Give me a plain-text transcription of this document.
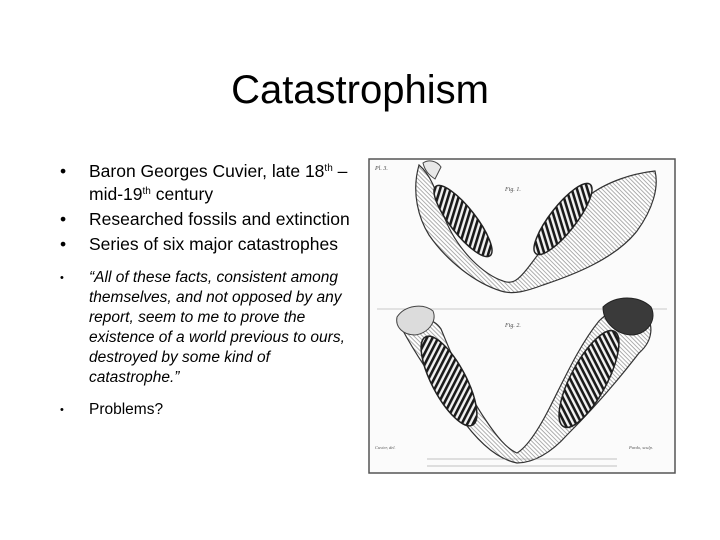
Catastrophism
• Baron Georges Cuvier, late 18th – mid-19th century
• Researched fossils and extinction
• Series of six major catastrophes
• “All of these facts, consistent among themselves, and not opposed by any report, seem to me to prove the existence of a world previous to ours, destroyed by some kind of catastrophe.”
• Problems?
Pl. 3.
Fig. 1.
Fig. 2.
Cuvier, del.	Pardo, sculp.
